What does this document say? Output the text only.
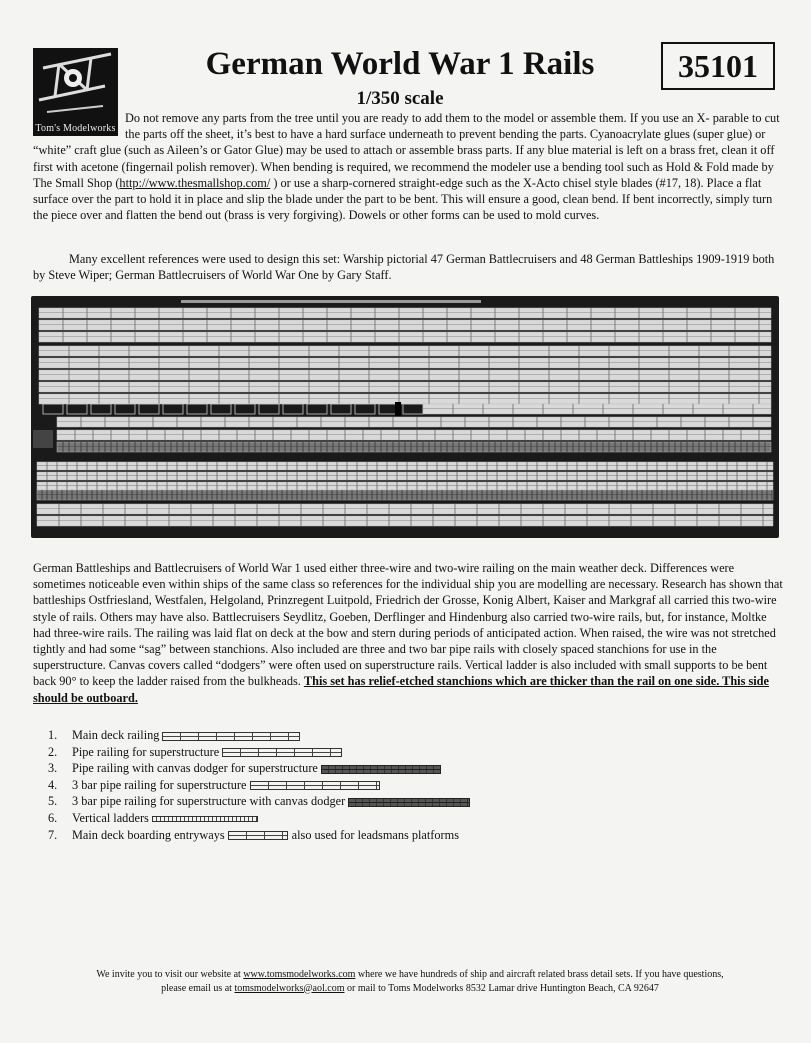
Tom's Modelworks
German World War 1 Rails
1/350 scale
35101

Do not remove any parts from the tree until you are ready to add them to the model or assemble them. If you use an X- parable to cut the parts off the sheet, it’s best to have a hard surface underneath to prevent bending the parts. Cyanoacrylate glues (super glue) or “white” craft glue (such as Aileen’s or Gator Glue) may be used to attach or assemble brass parts. If any blue material is left on a brass fret, clean it off first with acetone (fingernail polish remover). When bending is required, we recommend the modeler use a bending tool such as Hold & Fold made by The Small Shop (http://www.thesmallshop.com/ ) or use a sharp-cornered straight-edge such as the X-Acto chisel style blades (#17, 18). Place a flat surface over the part to hold it in place and slip the blade under the part to be bent. This will ensure a good, clean bend. If bent incorrectly, simply turn the piece over and flatten the bend out (brass is very forgiving). Dowels or other forms can be used to mold curves.

Many excellent references were used to design this set: Warship pictorial 47 German Battlecruisers and 48 German Battleships 1909-1919 both by Steve Wiper; German Battlecruisers of World War One by Gary Staff.

German Battleships and Battlecruisers of World War 1 used either three-wire and two-wire railing on the main weather deck. Differences were sometimes noticeable even within ships of the same class so references for the individual ship you are modelling are necessary. Research has shown that battleships Ostfriesland, Westfalen, Helgoland, Prinzregent Luitpold, Friedrich der Grosse, Konig Albert, Kaiser and Markgraf all carried this two-wire style of rails. Others may have also. Battlecruisers Seydlitz, Goeben, Derflinger and Hindenburg also carried two-wire rails, but, for instance, Moltke had three-wire rails. The railing was laid flat on deck at the bow and stern during periods of anticipated action. When raised, the wire was not stretched tightly and had some “sag” between stanchions. Also included are three and two bar pipe rails with closely spaced stanchions for use in the superstructure. Canvas covers called “dodgers” were often used on superstructure rails. Vertical ladder is also included with small supports to be bent back 90° to keep the ladder raised from the bulkheads. This set has relief-etched stanchions which are thicker than the rail on one side. This side should be outboard.

1. Main deck railing
2. Pipe railing for superstructure
3. Pipe railing with canvas dodger for superstructure
4. 3 bar pipe railing for superstructure
5. 3 bar pipe railing for superstructure with canvas dodger
6. Vertical ladders
7. Main deck boarding entryways	also used for leadsmans platforms

We invite you to visit our website at www.tomsmodelworks.com where we have hundreds of ship and aircraft related brass detail sets. If you have questions, please email us at tomsmodelworks@aol.com or mail to Toms Modelworks 8532 Lamar drive Huntington Beach, CA 92647
